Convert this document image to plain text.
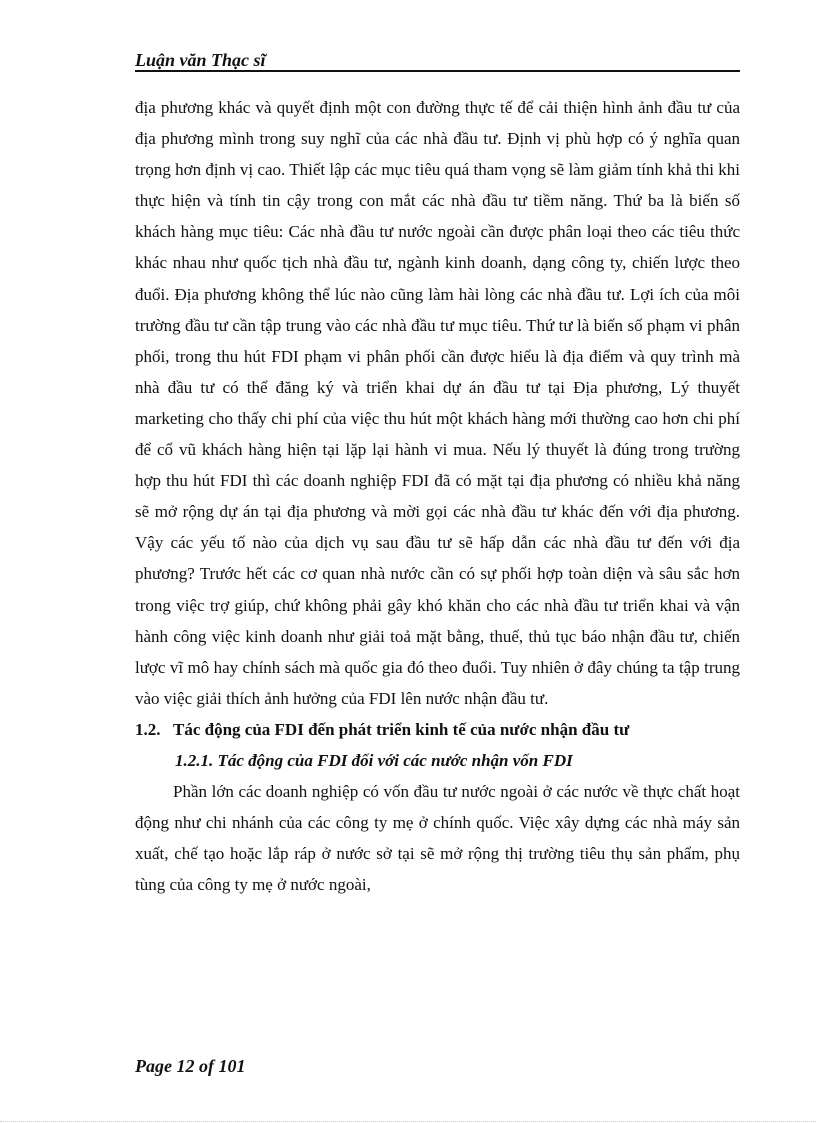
Luận văn Thạc sĩ

địa phương khác và quyết định một con đường thực tế để cải thiện hình ảnh đầu tư của địa phương mình trong suy nghĩ của các nhà đầu tư. Định vị phù hợp có ý nghĩa quan trọng hơn định vị cao. Thiết lập các mục tiêu quá tham vọng sẽ làm giảm tính khả thi khi thực hiện và tính tin cậy trong con mắt các nhà đầu tư tiềm năng. Thứ ba là biến số khách hàng mục tiêu: Các nhà đầu tư nước ngoài cần được phân loại theo các tiêu thức khác nhau như quốc tịch nhà đầu tư, ngành kinh doanh, dạng công ty, chiến lược theo đuổi. Địa phương không thể lúc nào cũng làm hài lòng các nhà đầu tư. Lợi ích của môi trường đầu tư cần tập trung vào các nhà đầu tư mục tiêu. Thứ tư là biến số phạm vi phân phối, trong thu hút FDI phạm vi phân phối cần được hiểu là địa điểm và quy trình mà nhà đầu tư có thể đăng ký và triển khai dự án đầu tư tại Địa phương, Lý thuyết marketing cho thấy chi phí của việc thu hút một khách hàng mới thường cao hơn chi phí để cổ vũ khách hàng hiện tại lặp lại hành vi mua. Nếu lý thuyết là đúng trong trường hợp thu hút FDI thì các doanh nghiệp FDI đã có mặt tại địa phương có nhiều khả năng sẽ mở rộng dự án tại địa phương và mời gọi các nhà đầu tư khác đến với địa phương. Vậy các yếu tố nào của dịch vụ sau đầu tư sẽ hấp dẫn các nhà đầu tư đến với địa phương? Trước hết các cơ quan nhà nước cần có sự phối hợp toàn diện và sâu sắc hơn trong việc trợ giúp, chứ không phải gây khó khăn cho các nhà đầu tư triển khai và vận hành công việc kinh doanh như giải toả mặt bằng, thuế, thủ tục báo nhận đầu tư, chiến lược vĩ mô hay chính sách mà quốc gia đó theo đuổi. Tuy nhiên ở đây chúng ta tập trung vào việc giải thích ảnh hưởng của FDI lên nước nhận đầu tư.

1.2. Tác động của FDI đến phát triển kinh tế của nước nhận đầu tư

1.2.1. Tác động của FDI đối với các nước nhận vốn FDI

Phần lớn các doanh nghiệp có vốn đầu tư nước ngoài ở các nước về thực chất hoạt động như chi nhánh của các công ty mẹ ở chính quốc. Việc xây dựng các nhà máy sản xuất, chế tạo hoặc lắp ráp ở nước sở tại sẽ mở rộng thị trường tiêu thụ sản phẩm, phụ tùng của công ty mẹ ở nước ngoài,

Page 12 of 101
